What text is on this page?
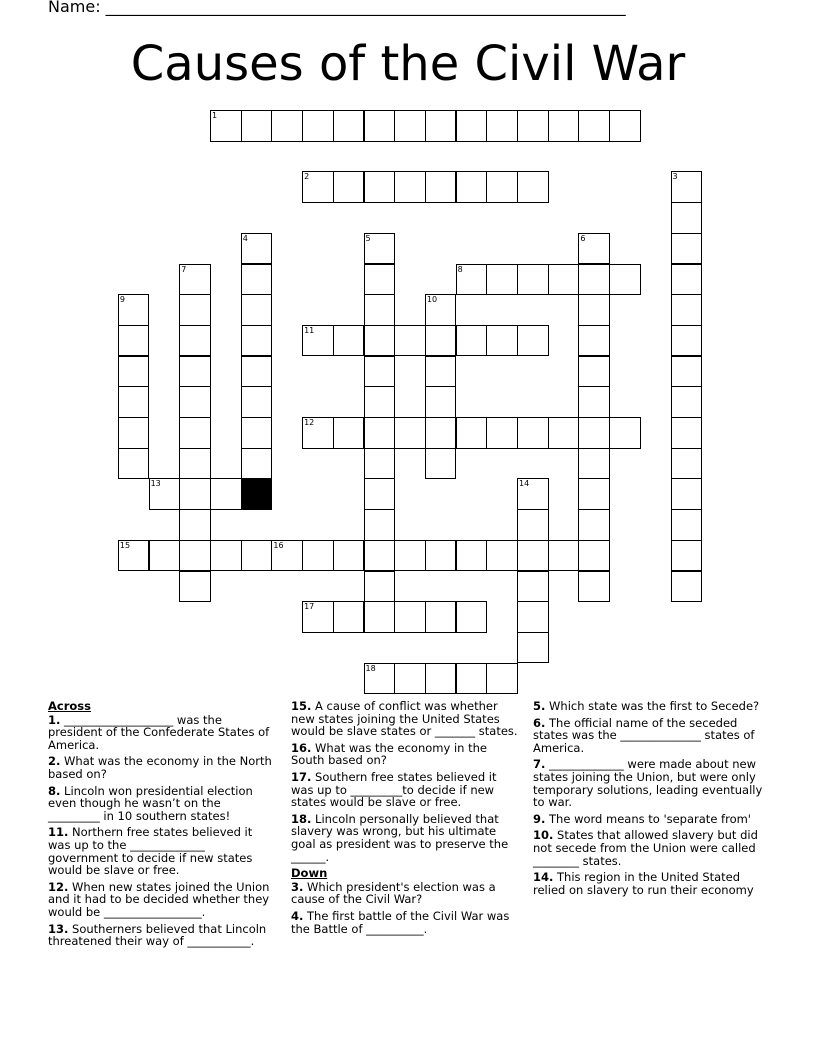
Name: _________________________________________________________________
Causes of the Civil War
1
2	3
4	5	6
7	8
9	10
11
12
13	14
15	16
17
18
Across
1. ___________________ was the president of the Confederate States of America.
2. What was the economy in the North based on?
8. Lincoln won presidential election even though he wasn’t on the _________ in 10 southern states!
11. Northern free states believed it was up to the _____________ government to decide if new states would be slave or free.
12. When new states joined the Union and it had to be decided whether they would be _________________.
13. Southerners believed that Lincoln threatened their way of ___________.
15. A cause of conflict was whether new states joining the United States would be slave states or _______ states.
16. What was the economy in the South based on?
17. Southern free states believed it was up to _________to decide if new states would be slave or free.
18. Lincoln personally believed that slavery was wrong, but his ultimate goal as president was to preserve the ______.
Down
3. Which president's election was a cause of the Civil War?
4. The first battle of the Civil War was the Battle of __________.
5. Which state was the first to Secede?
6. The official name of the seceded states was the ______________ states of America.
7. _____________ were made about new states joining the Union, but were only temporary solutions, leading eventually to war.
9. The word means to 'separate from'
10. States that allowed slavery but did not secede from the Union were called ________ states.
14. This region in the United Stated relied on slavery to run their economy
